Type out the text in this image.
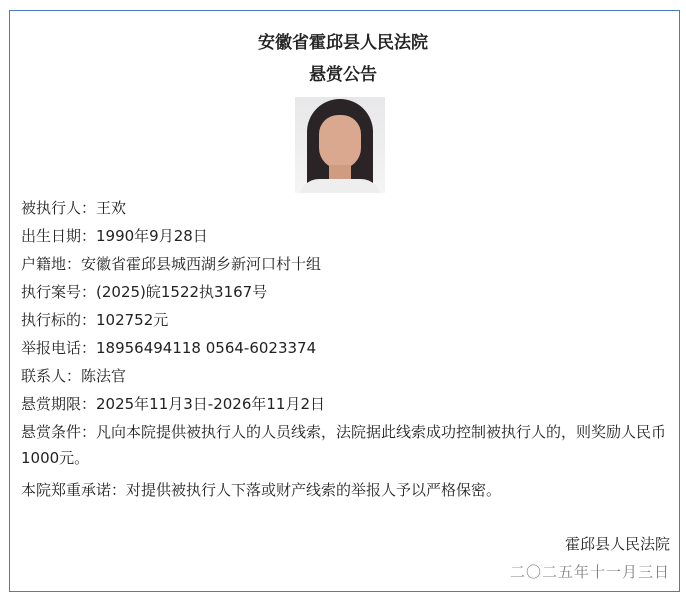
安徽省霍邱县人民法院
悬赏公告
被执行人：王欢
出生日期：1990年9月28日
户籍地：安徽省霍邱县城西湖乡新河口村十组
执行案号：(2025)皖1522执3167号
执行标的：102752元
举报电话：18956494118 0564-6023374
联系人：陈法官
悬赏期限：2025年11月3日-2026年11月2日
悬赏条件：凡向本院提供被执行人的人员线索，法院据此线索成功控制被执行人的，则奖励人民币1000元。
本院郑重承诺：对提供被执行人下落或财产线索的举报人予以严格保密。
霍邱县人民法院
二〇二五年十一月三日
